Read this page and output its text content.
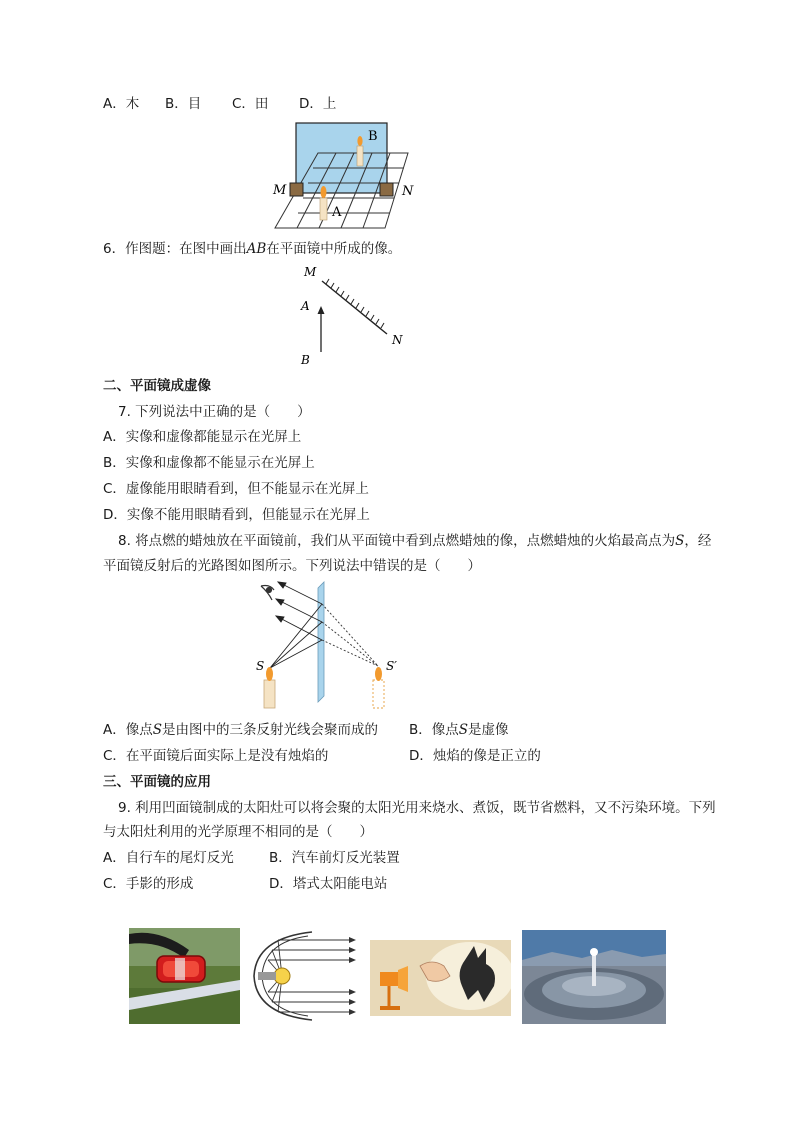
A．木 B．目 C．田 D．上
B
A
M	N
6．作图题：在图中画出AB在平面镜中所成的像。
M
N
A
B
二、平面镜成虚像
7. 下列说法中正确的是（　　）
A．实像和虚像都能显示在光屏上
B．实像和虚像都不能显示在光屏上
C．虚像能用眼睛看到，但不能显示在光屏上
D．实像不能用眼睛看到，但能显示在光屏上
8. 将点燃的蜡烛放在平面镜前，我们从平面镜中看到点燃蜡烛的像，点燃蜡烛的火焰最高点为S，经
平面镜反射后的光路图如图所示。下列说法中错误的是（　　）
S	S′
A．像点S是由图中的三条反射光线会聚而成的 B．像点S是虚像
C．在平面镜后面实际上是没有烛焰的	D．烛焰的像是正立的
三、平面镜的应用
9. 利用凹面镜制成的太阳灶可以将会聚的太阳光用来烧水、煮饭，既节省燃料，又不污染环境。下列
与太阳灶利用的光学原理不相同的是（　　）
A．自行车的尾灯反光	B．汽车前灯反光装置
C．手影的形成	D．塔式太阳能电站
